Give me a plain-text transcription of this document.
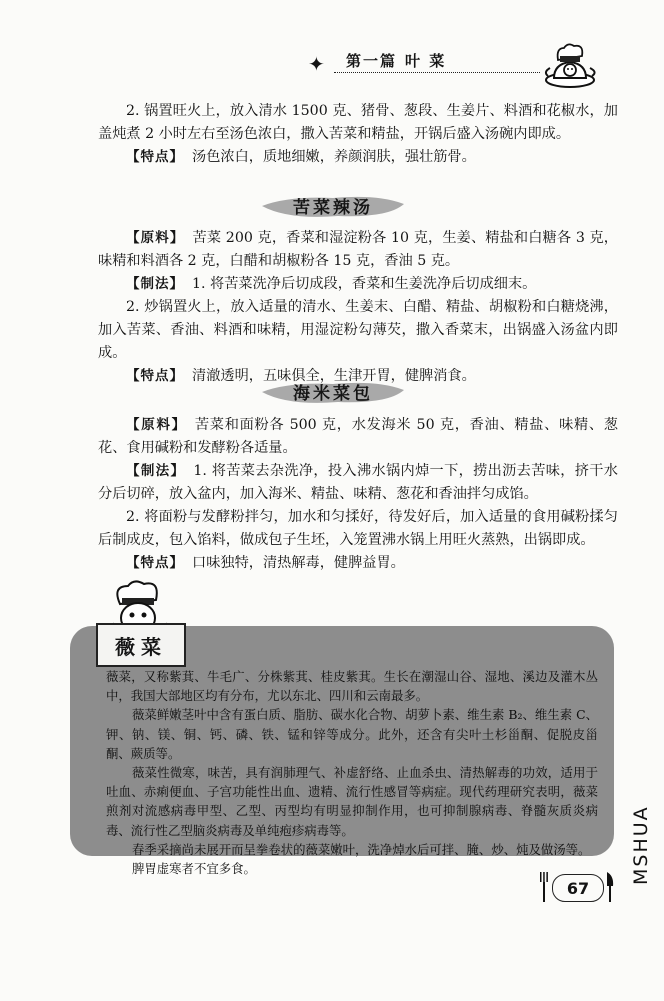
✦ 第一篇 叶 菜

2. 锅置旺火上，放入清水 1500 克、猪骨、葱段、生姜片、料酒和花椒水，加盖炖煮 2 小时左右至汤色浓白，撒入苦菜和精盐，开锅后盛入汤碗内即成。

【特点】 汤色浓白，质地细嫩，养颜润肤，强壮筋骨。

苦菜辣汤

【原料】 苦菜 200 克，香菜和湿淀粉各 10 克，生姜、精盐和白糖各 3 克，味精和料酒各 2 克，白醋和胡椒粉各 15 克，香油 5 克。

【制法】 1. 将苦菜洗净后切成段，香菜和生姜洗净后切成细末。

2. 炒锅置火上，放入适量的清水、生姜末、白醋、精盐、胡椒粉和白糖烧沸，加入苦菜、香油、料酒和味精，用湿淀粉勾薄芡，撒入香菜末，出锅盛入汤盆内即成。

【特点】 清澈透明，五味俱全，生津开胃，健脾消食。

海米菜包

【原料】 苦菜和面粉各 500 克，水发海米 50 克，香油、精盐、味精、葱花、食用碱粉和发酵粉各适量。

【制法】 1. 将苦菜去杂洗净，投入沸水锅内焯一下，捞出沥去苦味，挤干水分后切碎，放入盆内，加入海米、精盐、味精、葱花和香油拌匀成馅。

2. 将面粉与发酵粉拌匀，加水和匀揉好，待发好后，加入适量的食用碱粉揉匀后制成皮，包入馅料，做成包子生坯，入笼置沸水锅上用旺火蒸熟，出锅即成。

【特点】 口味独特，清热解毒，健脾益胃。

薇菜

薇菜，又称紫萁、牛毛广、分株紫萁、桂皮紫萁。生长在潮湿山谷、湿地、溪边及灌木丛中，我国大部地区均有分布，尤以东北、四川和云南最多。

薇菜鲜嫩茎叶中含有蛋白质、脂肪、碳水化合物、胡萝卜素、维生素 B₂、维生素 C、钾、钠、镁、铜、钙、磷、铁、锰和锌等成分。此外，还含有尖叶土杉甾酮、促脱皮甾酮、蕨质等。

薇菜性微寒，味苦，具有润肺理气、补虚舒络、止血杀虫、清热解毒的功效，适用于吐血、赤痢便血、子宫功能性出血、遗精、流行性感冒等病症。现代药理研究表明，薇菜煎剂对流感病毒甲型、乙型、丙型均有明显抑制作用，也可抑制腺病毒、脊髓灰质炎病毒、流行性乙型脑炎病毒及单纯疱疹病毒等。

春季采摘尚未展开而呈拳卷状的薇菜嫩叶，洗净焯水后可拌、腌、炒、炖及做汤等。

脾胃虚寒者不宜多食。

67
MSHUA
